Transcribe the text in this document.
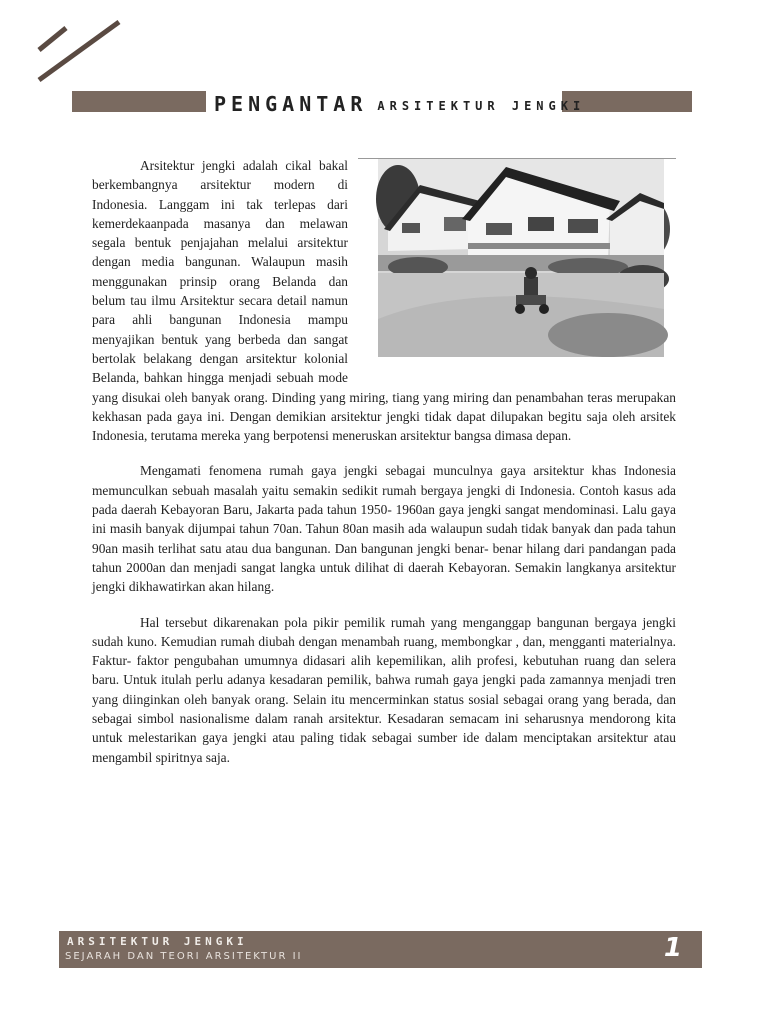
PENGANTAR ARSITEKTUR JENGKI

Arsitektur jengki adalah cikal bakal berkembangnya arsitektur modern di Indonesia. Langgam ini tak terlepas dari kemerdekaanpada masanya dan melawan segala bentuk penjajahan melalui arsitektur dengan media bangunan. Walaupun masih menggunakan prinsip orang Belanda dan belum tau ilmu Arsitektur secara detail namun para ahli bangunan Indonesia mampu menyajikan bentuk yang berbeda dan sangat bertolak belakang dengan arsitektur kolonial Belanda, bahkan hingga menjadi sebuah mode yang disukai oleh banyak orang. Dinding yang miring, tiang yang miring dan penambahan teras merupakan kekhasan pada gaya ini. Dengan demikian arsitektur jengki tidak dapat dilupakan begitu saja oleh arsitek Indonesia, terutama mereka yang berpotensi meneruskan arsitektur bangsa dimasa depan.

Mengamati fenomena rumah gaya jengki sebagai munculnya gaya arsitektur khas Indonesia memunculkan sebuah masalah yaitu semakin sedikit rumah bergaya jengki di Indonesia. Contoh kasus ada pada daerah Kebayoran Baru, Jakarta pada tahun 1950- 1960an gaya jengki sangat mendominasi. Lalu gaya ini masih banyak dijumpai tahun 70an. Tahun 80an masih ada walaupun sudah tidak banyak dan pada tahun 90an masih terlihat satu atau dua bangunan. Dan bangunan jengki benar- benar hilang dari pandangan pada tahun 2000an dan menjadi sangat langka untuk dilihat di daerah Kebayoran. Semakin langkanya arsitektur jengki dikhawatirkan akan hilang.

Hal tersebut dikarenakan pola pikir pemilik rumah yang menganggap bangunan bergaya jengki sudah kuno. Kemudian rumah diubah dengan menambah ruang, membongkar , dan, mengganti materialnya. Faktur- faktor pengubahan umumnya didasari alih kepemilikan, alih profesi, kebutuhan ruang dan selera baru. Untuk itulah perlu adanya kesadaran pemilik, bahwa rumah gaya jengki pada zamannya menjadi tren yang diinginkan oleh banyak orang. Selain itu mencerminkan status sosial sebagai orang yang berada, dan sebagai simbol nasionalisme dalam ranah arsitektur. Kesadaran semacam ini seharusnya mendorong kita untuk melestarikan gaya jengki atau paling tidak sebagai sumber ide dalam menciptakan arsitektur atau mengambil spiritnya saja.

ARSITEKTUR JENGKI
SEJARAH DAN TEORI ARSITEKTUR II	1
